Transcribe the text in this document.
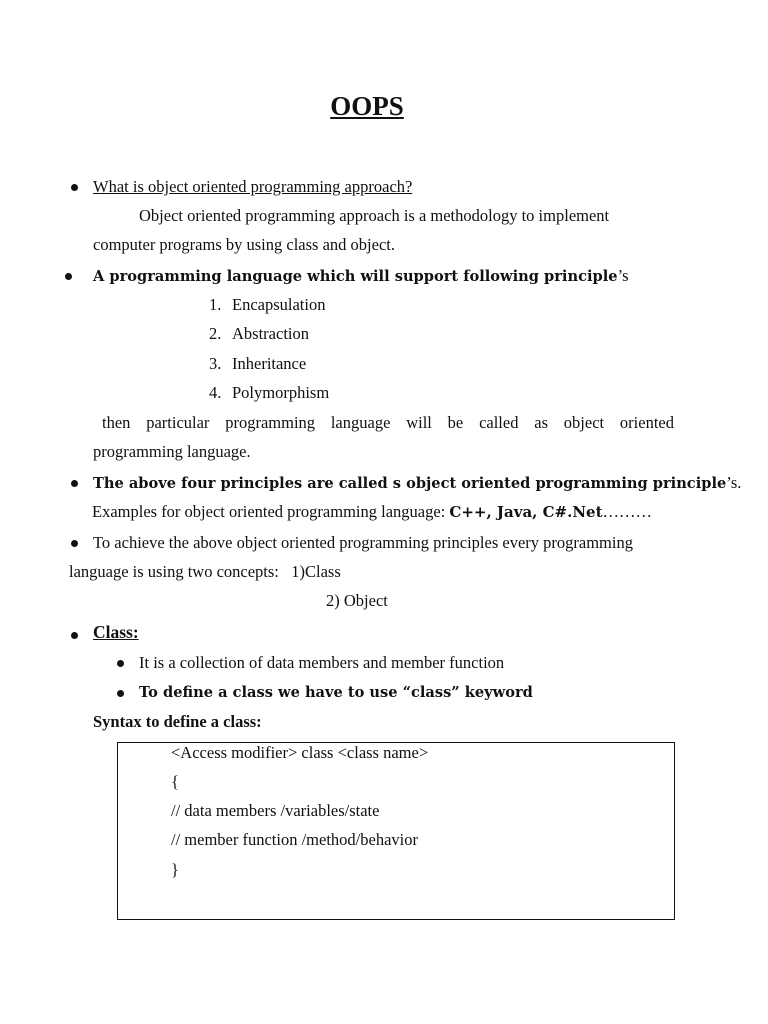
OOPS
What is object oriented programming approach?
Object oriented programming approach is a methodology to implement
computer programs by using class and object.
A programming language which will support following principle’s
1. Encapsulation
2. Abstraction
3. Inheritance
4. Polymorphism
then particular programming language will be called as object oriented
programming language.
The above four principles are called s object oriented programming principle’s.
Examples for object oriented programming language: C++, Java, C#.Net………
To achieve the above object oriented programming principles every programming
language is using two concepts:   1)Class
2) Object
Class:
It is a collection of data members and member function
To define a class we have to use “class” keyword
Syntax to define a class:
<Access modifier> class <class name>
{
// data members /variables/state
// member function /method/behavior
}
